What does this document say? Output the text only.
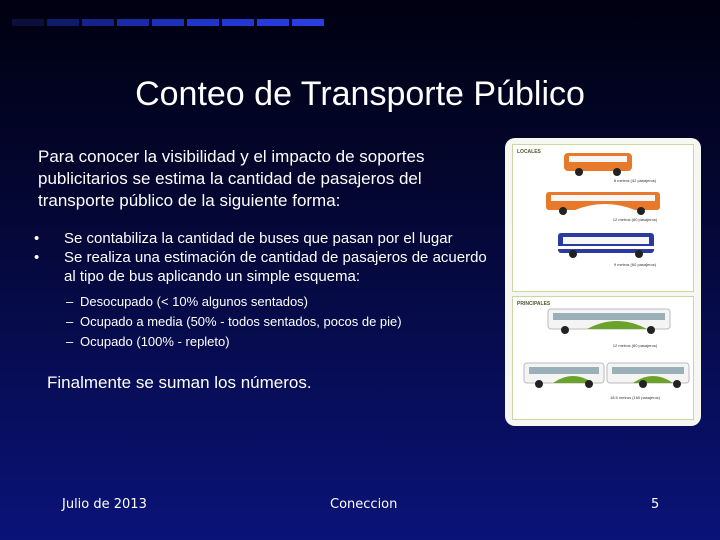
Conteo de Transporte Público
Para conocer la visibilidad y el impacto de soportes publicitarios se estima la cantidad de pasajeros del transporte público de la siguiente forma:
•	Se contabiliza la cantidad de buses que pasan por el lugar
•	Se realiza una estimación de cantidad de pasajeros de acuerdo al tipo de bus aplicando un simple esquema:
– Desocupado (< 10% algunos sentados)
– Ocupado a media (50% - todos sentados, pocos de pie)
– Ocupado (100% - repleto)
Finalmente se suman los números.
LOCALES
8 metros (42 pasajeros)
12 metros (80 pasajeros)
9 metros (60 pasajeros)
PRINCIPALES
12 metros (80 pasajeros)
18.5 metros (160 pasajeros)
Julio de 2013	Coneccion	5
